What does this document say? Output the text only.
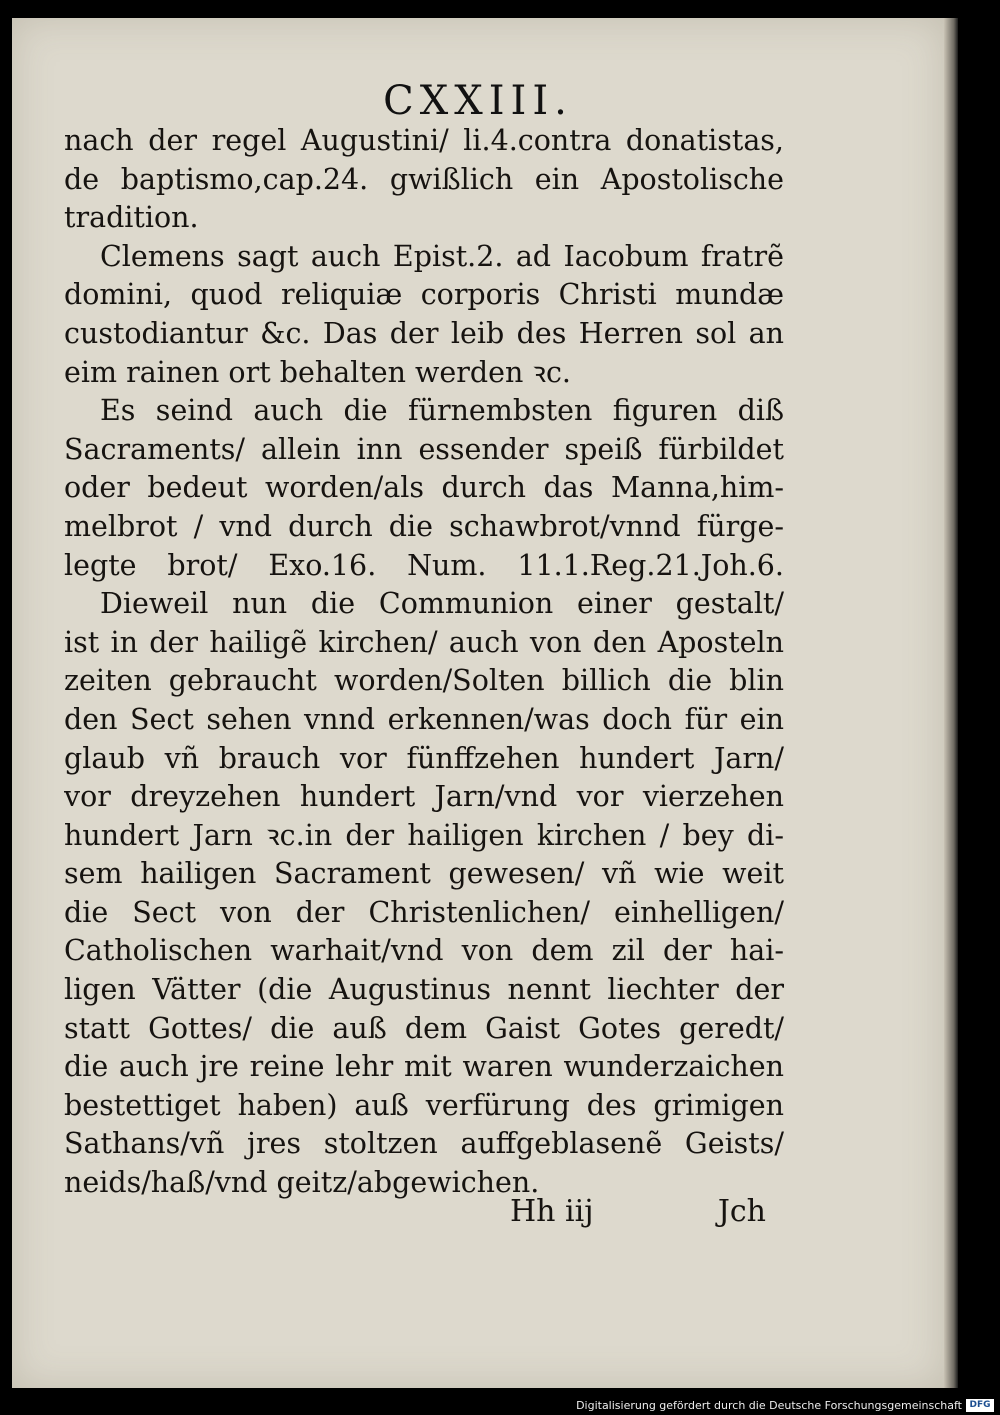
CXXIII.
nach der regel Augustini/ li.4.contra donatistas,
de baptismo,cap.24. gwißlich ein Apostolische
tradition.
Clemens sagt auch Epist.2. ad Iacobum fratrẽ
domini, quod reliquiæ corporis Christi mundæ
custodiantur &c. Das der leib des Herren sol an
eim rainen ort behalten werden ꝛc.
Es seind auch die fürnembsten figuren diß
Sacraments/ allein inn essender speiß fürbildet
oder bedeut worden/als durch das Manna,him-
melbrot / vnd durch die schawbrot/vnnd fürge-
legte brot/ Exo.16. Num. 11.1.Reg.21.Joh.6.
Dieweil nun die Communion einer gestalt/
ist in der hailigẽ kirchen/ auch von den Aposteln
zeiten gebraucht worden/Solten billich die blin
den Sect sehen vnnd erkennen/was doch für ein
glaub vñ brauch vor fünffzehen hundert Jarn/
vor dreyzehen hundert Jarn/vnd vor vierzehen
hundert Jarn ꝛc.in der hailigen kirchen / bey di-
sem hailigen Sacrament gewesen/ vñ wie weit
die Sect von der Christenlichen/ einhelligen/
Catholischen warhait/vnd von dem zil der hai-
ligen Vätter (die Augustinus nennt liechter der
statt Gottes/ die auß dem Gaist Gotes geredt/
die auch jre reine lehr mit waren wunderzaichen
bestettiget haben) auß verfürung des grimigen
Sathans/vñ jres stoltzen auffgeblasenẽ Geists/
neids/haß/vnd geitz/abgewichen.
Hh iij	Jch
Digitalisierung gefördert durch die Deutsche Forschungsgemeinschaft DFG
